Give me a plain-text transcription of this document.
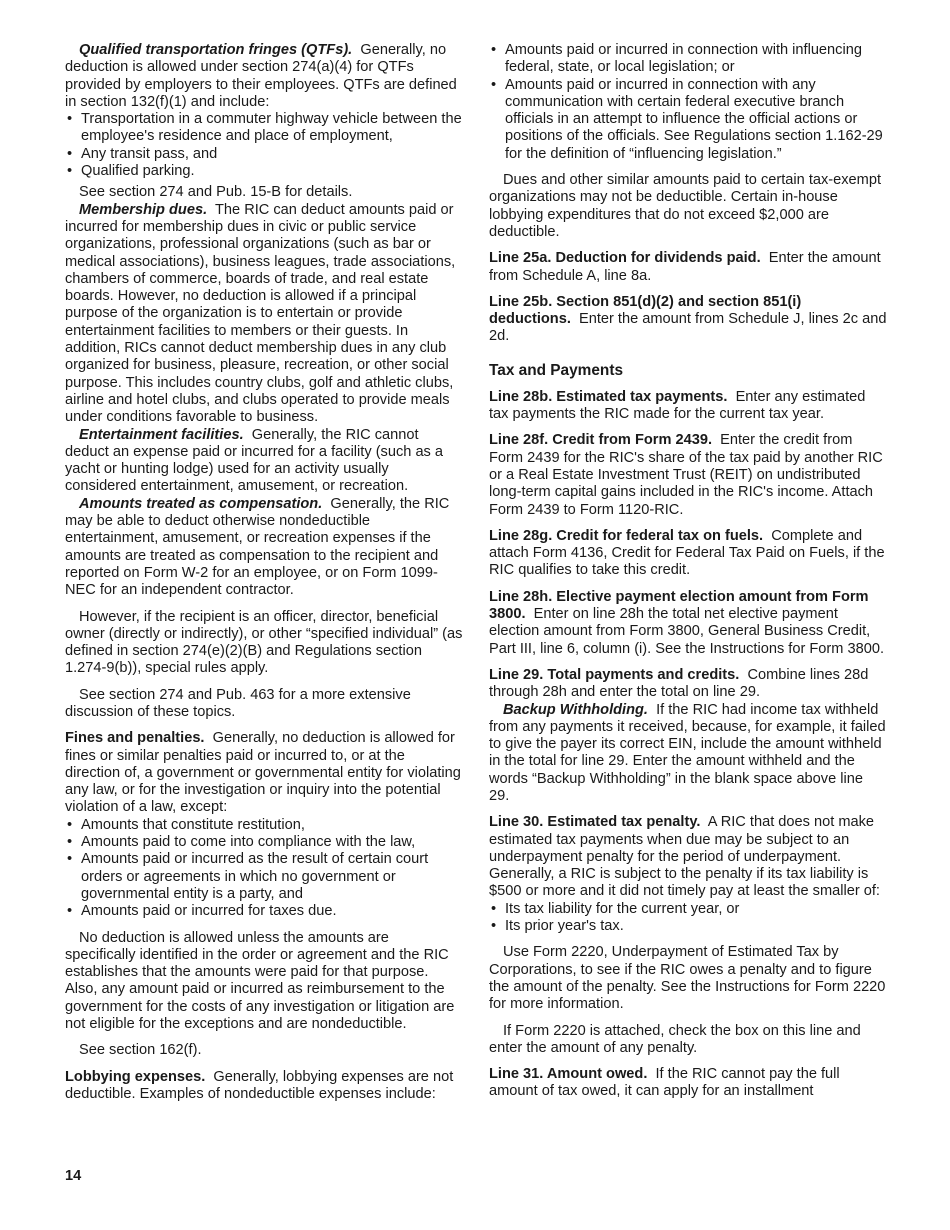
Qualified transportation fringes (QTFs). Generally, no deduction is allowed under section 274(a)(4) for QTFs provided by employers to their employees. QTFs are defined in section 132(f)(1) and include:

• Transportation in a commuter highway vehicle between the employee's residence and place of employment,
• Any transit pass, and
• Qualified parking.

See section 274 and Pub. 15-B for details.

Membership dues. The RIC can deduct amounts paid or incurred for membership dues in civic or public service organizations, professional organizations (such as bar or medical associations), business leagues, trade associations, chambers of commerce, boards of trade, and real estate boards. However, no deduction is allowed if a principal purpose of the organization is to entertain or provide entertainment facilities to members or their guests. In addition, RICs cannot deduct membership dues in any club organized for business, pleasure, recreation, or other social purpose. This includes country clubs, golf and athletic clubs, airline and hotel clubs, and clubs operated to provide meals under conditions favorable to business.

Entertainment facilities. Generally, the RIC cannot deduct an expense paid or incurred for a facility (such as a yacht or hunting lodge) used for an activity usually considered entertainment, amusement, or recreation.

Amounts treated as compensation. Generally, the RIC may be able to deduct otherwise nondeductible entertainment, amusement, or recreation expenses if the amounts are treated as compensation to the recipient and reported on Form W-2 for an employee, or on Form 1099-NEC for an independent contractor.

However, if the recipient is an officer, director, beneficial owner (directly or indirectly), or other “specified individual” (as defined in section 274(e)(2)(B) and Regulations section 1.274-9(b)), special rules apply.

See section 274 and Pub. 463 for a more extensive discussion of these topics.

Fines and penalties. Generally, no deduction is allowed for fines or similar penalties paid or incurred to, or at the direction of, a government or governmental entity for violating any law, or for the investigation or inquiry into the potential violation of a law, except:

• Amounts that constitute restitution,
• Amounts paid to come into compliance with the law,
• Amounts paid or incurred as the result of certain court orders or agreements in which no government or governmental entity is a party, and
• Amounts paid or incurred for taxes due.

No deduction is allowed unless the amounts are specifically identified in the order or agreement and the RIC establishes that the amounts were paid for that purpose. Also, any amount paid or incurred as reimbursement to the government for the costs of any investigation or litigation are not eligible for the exceptions and are nondeductible.

See section 162(f).

Lobbying expenses. Generally, lobbying expenses are not deductible. Examples of nondeductible expenses include:

• Amounts paid or incurred in connection with influencing federal, state, or local legislation; or
• Amounts paid or incurred in connection with any communication with certain federal executive branch officials in an attempt to influence the official actions or positions of the officials. See Regulations section 1.162-29 for the definition of “influencing legislation.”

Dues and other similar amounts paid to certain tax-exempt organizations may not be deductible. Certain in-house lobbying expenditures that do not exceed $2,000 are deductible.

Line 25a. Deduction for dividends paid. Enter the amount from Schedule A, line 8a.

Line 25b. Section 851(d)(2) and section 851(i) deductions. Enter the amount from Schedule J, lines 2c and 2d.

Tax and Payments

Line 28b. Estimated tax payments. Enter any estimated tax payments the RIC made for the current tax year.

Line 28f. Credit from Form 2439. Enter the credit from Form 2439 for the RIC's share of the tax paid by another RIC or a Real Estate Investment Trust (REIT) on undistributed long-term capital gains included in the RIC's income. Attach Form 2439 to Form 1120-RIC.

Line 28g. Credit for federal tax on fuels. Complete and attach Form 4136, Credit for Federal Tax Paid on Fuels, if the RIC qualifies to take this credit.

Line 28h. Elective payment election amount from Form 3800. Enter on line 28h the total net elective payment election amount from Form 3800, General Business Credit, Part III, line 6, column (i). See the Instructions for Form 3800.

Line 29. Total payments and credits. Combine lines 28d through 28h and enter the total on line 29.

Backup Withholding. If the RIC had income tax withheld from any payments it received, because, for example, it failed to give the payer its correct EIN, include the amount withheld in the total for line 29. Enter the amount withheld and the words “Backup Withholding” in the blank space above line 29.

Line 30. Estimated tax penalty. A RIC that does not make estimated tax payments when due may be subject to an underpayment penalty for the period of underpayment. Generally, a RIC is subject to the penalty if its tax liability is $500 or more and it did not timely pay at least the smaller of:

• Its tax liability for the current year, or
• Its prior year's tax.

Use Form 2220, Underpayment of Estimated Tax by Corporations, to see if the RIC owes a penalty and to figure the amount of the penalty. See the Instructions for Form 2220 for more information.

If Form 2220 is attached, check the box on this line and enter the amount of any penalty.

Line 31. Amount owed. If the RIC cannot pay the full amount of tax owed, it can apply for an installment

14
